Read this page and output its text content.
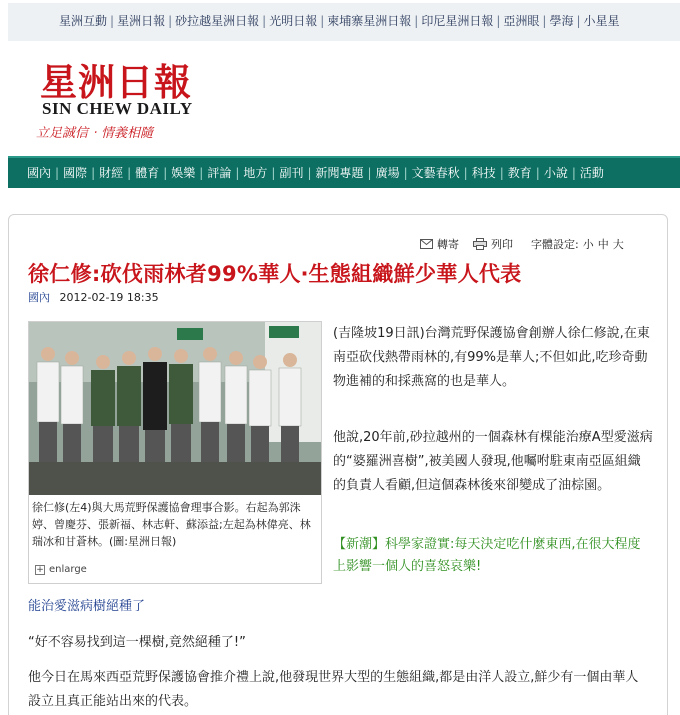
星洲互動 | 星洲日報 | 砂拉越星洲日報 | 光明日報 | 柬埔寨星洲日報 | 印尼星洲日報 | 亞洲眼 | 學海 | 小星星
星洲日報
SIN CHEW DAILY
立足誠信‧情義相隨
國內 | 國際 | 財經 | 體育 | 娛樂 | 評論 | 地方 | 副刊 | 新聞專題 | 廣場 | 文藝春秋 | 科技 | 教育 | 小說 | 活動
轉寄	列印	字體設定: 小 中 大
徐仁修:砍伐雨林者99%華人‧生態組織鮮少華人代表
國內 2012-02-19 18:35
徐仁修(左4)與大馬荒野保護協會理事合影。右起為郭洙婷、曾慶芬、張新福、林志軒、蘇添益;左起為林偉亮、林瑞冰和甘蒼林。(圖:星洲日報)
+ enlarge

(吉隆坡19日訊)台灣荒野保護協會創辦人徐仁修說,在東南亞砍伐熱帶雨林的,有99%是華人;不但如此,吃珍奇動物進補的和採燕窩的也是華人。

他說,20年前,砂拉越州的一個森林有棵能治療A型愛滋病的“婆羅洲喜樹”,被美國人發現,他囑咐駐東南亞區組織的負責人看顧,但這個森林後來卻變成了油棕園。

【新潮】科學家證實:每天決定吃什麼東西,在很大程度上影響一個人的喜怒哀樂!

能治愛滋病樹絕種了

“好不容易找到這一棵樹,竟然絕種了!”

他今日在馬來西亞荒野保護協會推介禮上說,他發現世界大型的生態組織,都是由洋人設立,鮮少有一個由華人設立且真正能站出來的代表。
